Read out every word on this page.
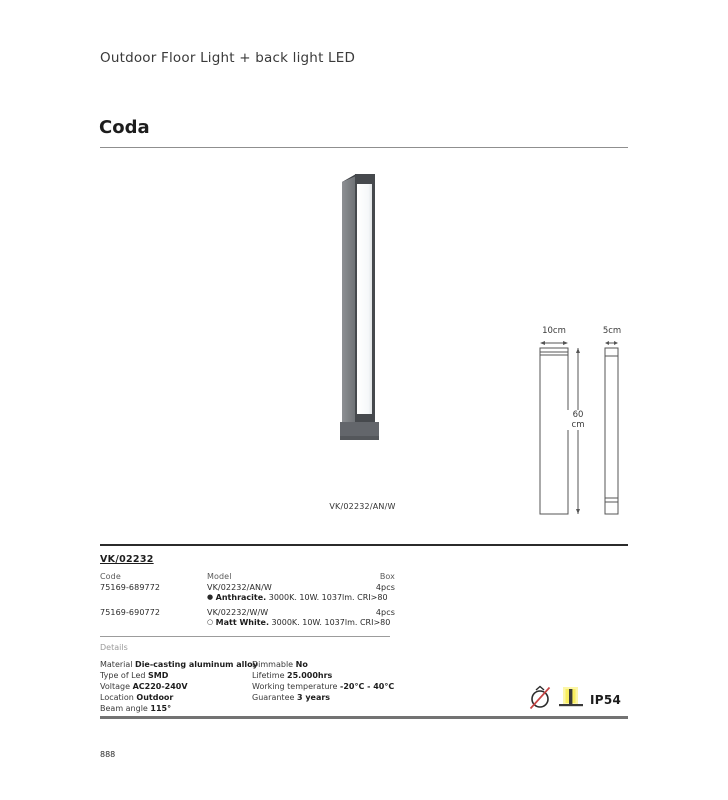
Outdoor Floor Light + back light LED
Coda
VK/02232/AN/W
10cm	5cm
60
cm
VK/02232
Code	Model	Box
75169-689772	VK/02232/AN/W	4pcs
● Anthracite. 3000K. 10W. 1037lm. CRI>80
75169-690772	VK/02232/W/W	4pcs
○ Matt White. 3000K. 10W. 1037lm. CRI>80
Details
Material Die-casting aluminum alloy
Type of Led SMD
Voltage AC220-240V
Location Outdoor
Beam angle 115°
Dimmable No
Lifetime 25.000hrs
Working temperature -20°C - 40°C
Guarantee 3 years	IP54
888
